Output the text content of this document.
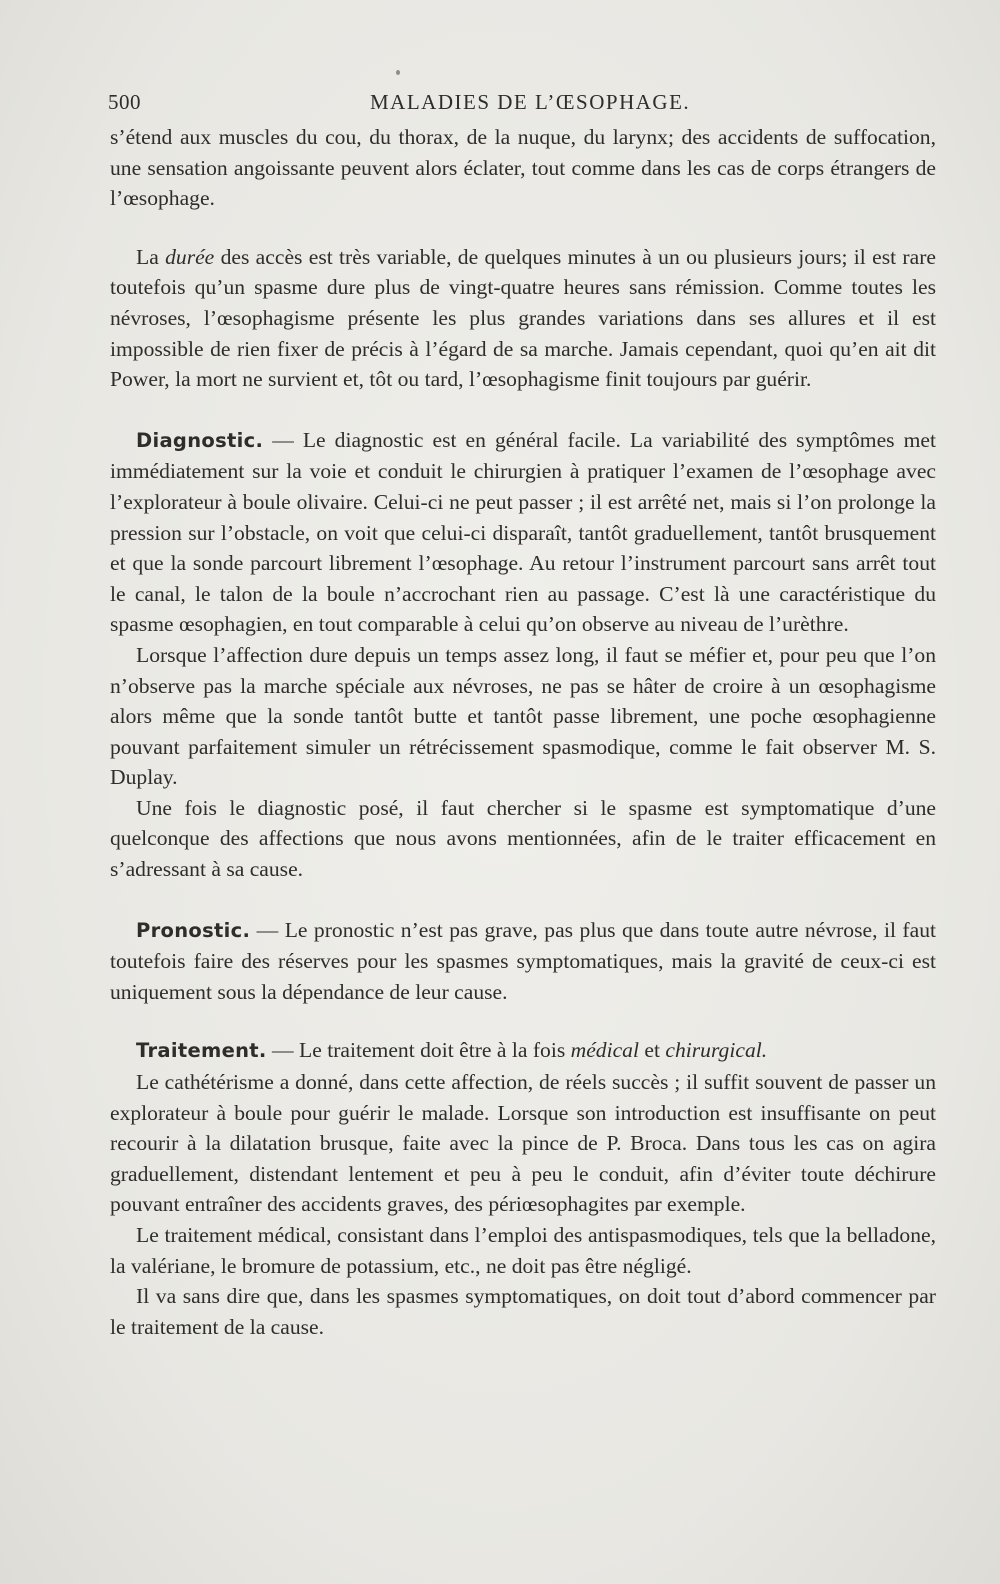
500	MALADIES DE L’ŒSOPHAGE.

s’étend aux muscles du cou, du thorax, de la nuque, du larynx; des accidents de suffocation, une sensation angoissante peuvent alors éclater, tout comme dans les cas de corps étrangers de l’œsophage.

La durée des accès est très variable, de quelques minutes à un ou plusieurs jours; il est rare toutefois qu’un spasme dure plus de vingt-quatre heures sans rémission. Comme toutes les névroses, l’œsophagisme présente les plus grandes variations dans ses allures et il est impossible de rien fixer de précis à l’égard de sa marche. Jamais cependant, quoi qu’en ait dit Power, la mort ne survient et, tôt ou tard, l’œsophagisme finit toujours par guérir.

Diagnostic. — Le diagnostic est en général facile. La variabilité des symptômes met immédiatement sur la voie et conduit le chirurgien à pratiquer l’examen de l’œsophage avec l’explorateur à boule olivaire. Celui-ci ne peut passer ; il est arrêté net, mais si l’on prolonge la pression sur l’obstacle, on voit que celui-ci disparaît, tantôt graduellement, tantôt brusquement et que la sonde parcourt librement l’œsophage. Au retour l’instrument parcourt sans arrêt tout le canal, le talon de la boule n’accrochant rien au passage. C’est là une caractéristique du spasme œsophagien, en tout comparable à celui qu’on observe au niveau de l’urèthre.

Lorsque l’affection dure depuis un temps assez long, il faut se méfier et, pour peu que l’on n’observe pas la marche spéciale aux névroses, ne pas se hâter de croire à un œsophagisme alors même que la sonde tantôt butte et tantôt passe librement, une poche œsophagienne pouvant parfaitement simuler un rétrécissement spasmodique, comme le fait observer M. S. Duplay.

Une fois le diagnostic posé, il faut chercher si le spasme est symptomatique d’une quelconque des affections que nous avons mentionnées, afin de le traiter efficacement en s’adressant à sa cause.

Pronostic. — Le pronostic n’est pas grave, pas plus que dans toute autre névrose, il faut toutefois faire des réserves pour les spasmes symptomatiques, mais la gravité de ceux-ci est uniquement sous la dépendance de leur cause.

Traitement. — Le traitement doit être à la fois médical et chirurgical.

Le cathétérisme a donné, dans cette affection, de réels succès ; il suffit souvent de passer un explorateur à boule pour guérir le malade. Lorsque son introduction est insuffisante on peut recourir à la dilatation brusque, faite avec la pince de P. Broca. Dans tous les cas on agira graduellement, distendant lentement et peu à peu le conduit, afin d’éviter toute déchirure pouvant entraîner des accidents graves, des périœsophagites par exemple.

Le traitement médical, consistant dans l’emploi des antispasmodiques, tels que la belladone, la valériane, le bromure de potassium, etc., ne doit pas être négligé.

Il va sans dire que, dans les spasmes symptomatiques, on doit tout d’abord commencer par le traitement de la cause.
